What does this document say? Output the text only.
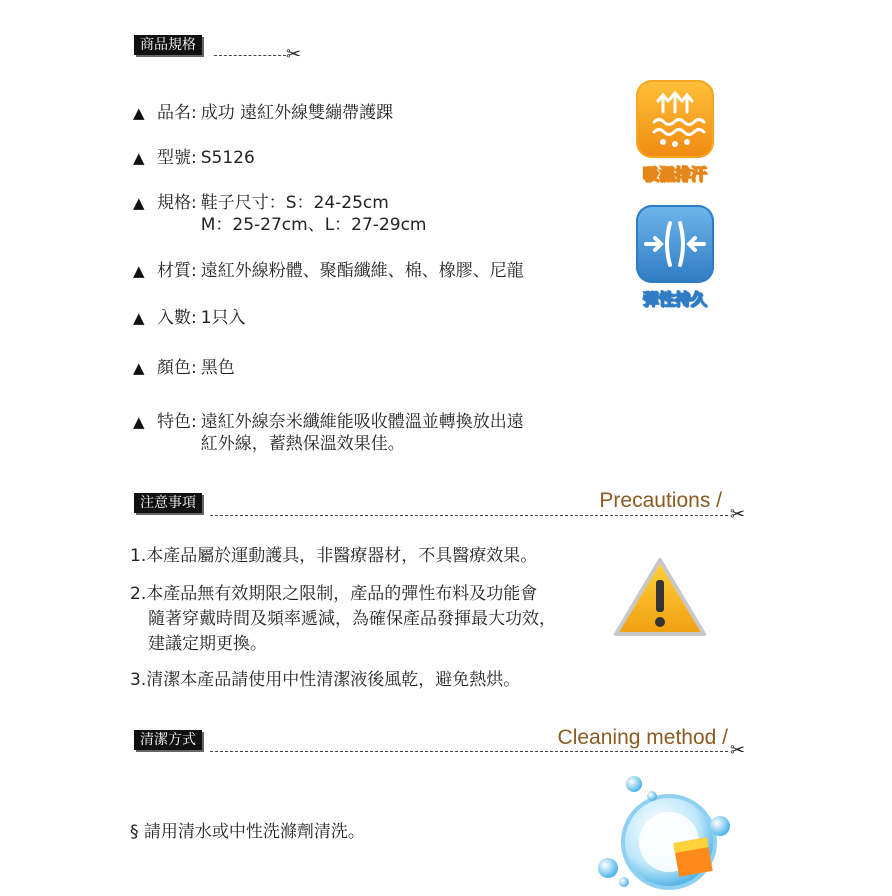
商品規格	✂
▲ 品名: 成功 遠紅外線雙繃帶護踝
▲ 型號: S5126
▲ 規格: 鞋子尺寸：S：24-25cm
M：25-27cm、L：27-29cm
▲ 材質: 遠紅外線粉體、聚酯纖維、棉、橡膠、尼龍
▲ 入數: 1只入
▲ 顏色: 黑色
▲ 特色: 遠紅外線奈米纖維能吸收體溫並轉換放出遠
紅外線，蓄熱保溫效果佳。
吸濕排汗
彈性持久
注意事項	Precautions /
✂
1.本產品屬於運動護具，非醫療器材，不具醫療效果。
2.本產品無有效期限之限制，產品的彈性布料及功能會
隨著穿戴時間及頻率遞減，為確保產品發揮最大功效，
建議定期更換。
3.清潔本產品請使用中性清潔液後風乾，避免熱烘。
清潔方式	Cleaning method /
✂
§ 請用清水或中性洗滌劑清洗。
